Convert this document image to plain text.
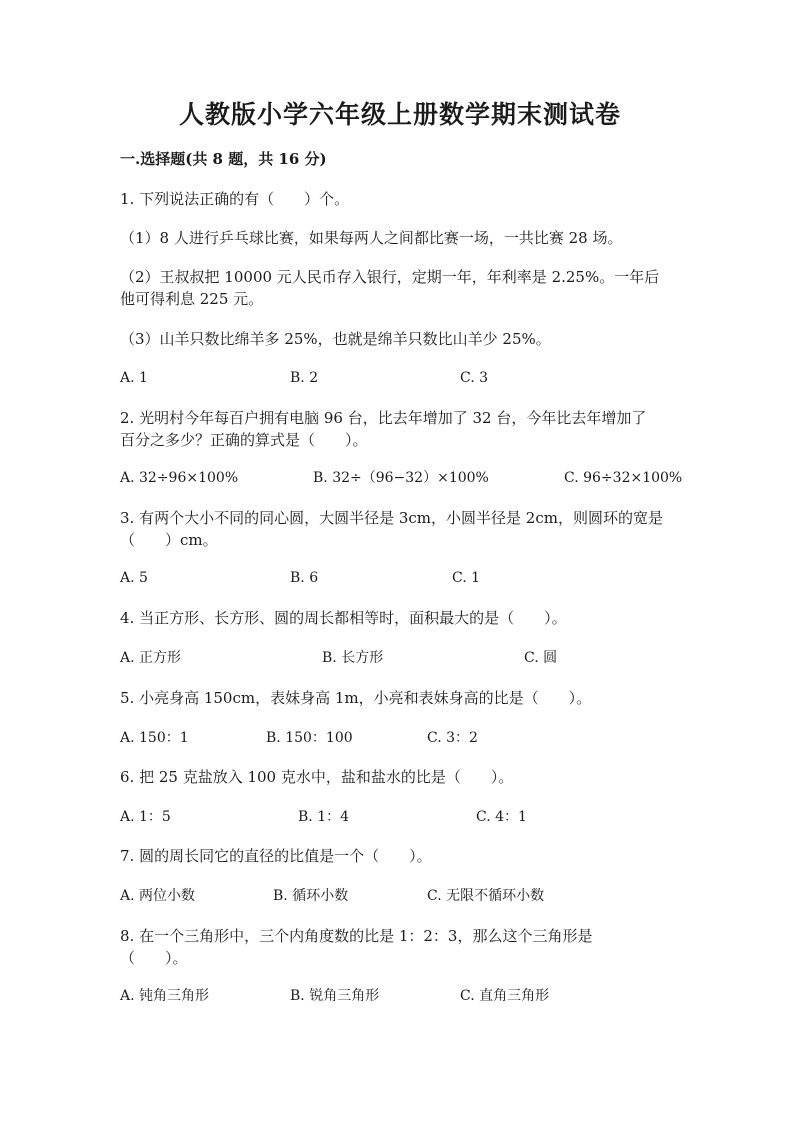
人教版小学六年级上册数学期末测试卷
一.选择题(共 8 题，共 16 分)
1. 下列说法正确的有（　　）个。
（1）8 人进行乒乓球比赛，如果每两人之间都比赛一场，一共比赛 28 场。
（2）王叔叔把 10000 元人民币存入银行，定期一年，年利率是 2.25%。一年后
他可得利息 225 元。
（3）山羊只数比绵羊多 25%，也就是绵羊只数比山羊少 25%。
A. 1	B. 2	C. 3
2. 光明村今年每百户拥有电脑 96 台，比去年增加了 32 台，今年比去年增加了
百分之多少？正确的算式是（　　）。
A. 32÷96×100%	B. 32÷（96−32）×100%	C. 96÷32×100%
3. 有两个大小不同的同心圆，大圆半径是 3cm，小圆半径是 2cm，则圆环的宽是
（　　）cm。
A. 5	B. 6	C. 1
4. 当正方形、长方形、圆的周长都相等时，面积最大的是（　　）。
A. 正方形	B. 长方形	C. 圆
5. 小亮身高 150cm，表妹身高 1m，小亮和表妹身高的比是（　　）。
A. 150：1	B. 150：100	C. 3：2
6. 把 25 克盐放入 100 克水中，盐和盐水的比是（　　）。
A. 1：5	B. 1：4	C. 4：1
7. 圆的周长同它的直径的比值是一个（　　）。
A. 两位小数	B. 循环小数	C. 无限不循环小数
8. 在一个三角形中，三个内角度数的比是 1：2：3，那么这个三角形是
（　　）。
A. 钝角三角形	B. 锐角三角形	C. 直角三角形
